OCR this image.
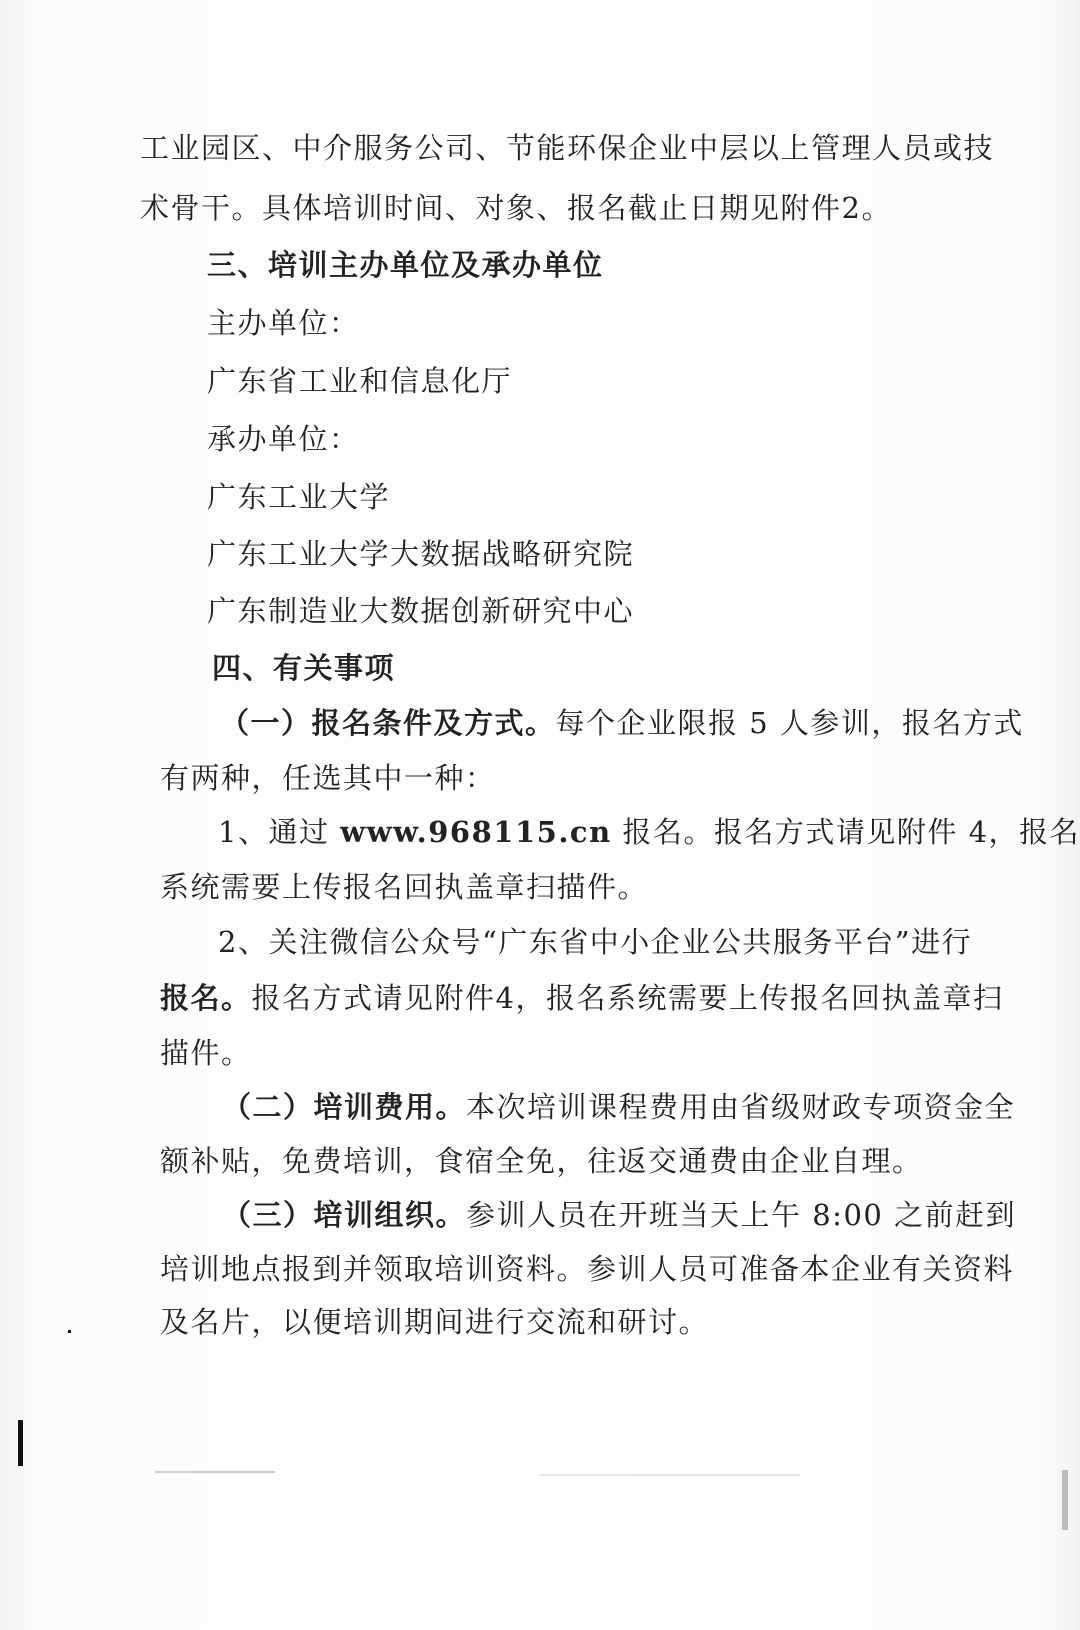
工业园区、中介服务公司、节能环保企业中层以上管理人员或技
术骨干。具体培训时间、对象、报名截止日期见附件2。
三、培训主办单位及承办单位
主办单位：
广东省工业和信息化厅
承办单位：
广东工业大学
广东工业大学大数据战略研究院
广东制造业大数据创新研究中心
四、有关事项
（一）报名条件及方式。每个企业限报 5 人参训，报名方式
有两种，任选其中一种：
1、通过 www.968115.cn 报名。报名方式请见附件 4，报名
系统需要上传报名回执盖章扫描件。
2、关注微信公众号“广东省中小企业公共服务平台”进行
报名。报名方式请见附件4，报名系统需要上传报名回执盖章扫
描件。
（二）培训费用。本次培训课程费用由省级财政专项资金全
额补贴，免费培训，食宿全免，往返交通费由企业自理。
（三）培训组织。参训人员在开班当天上午 8:00 之前赶到
培训地点报到并领取培训资料。参训人员可准备本企业有关资料
及名片，以便培训期间进行交流和研讨。
